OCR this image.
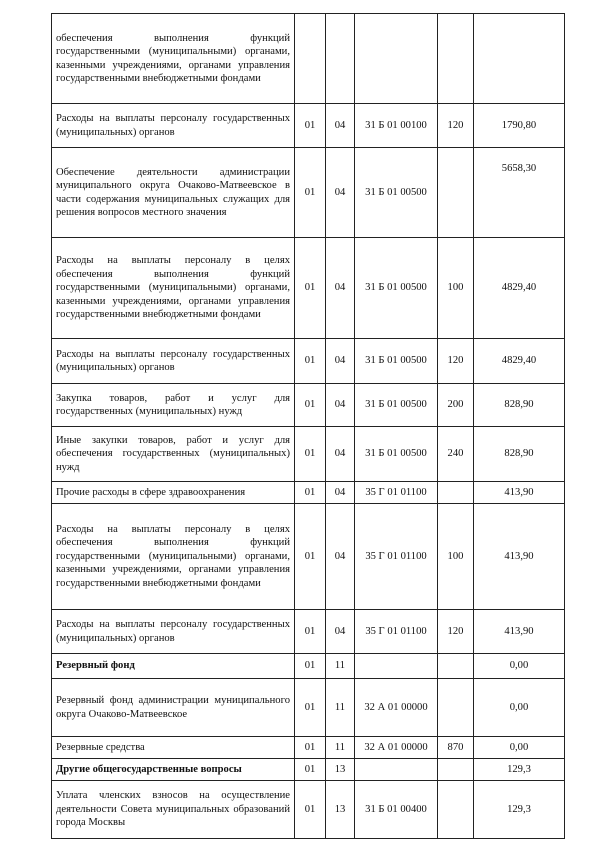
обеспечения выполнения функций государственными (муниципальными) органами, казенными учреждениями, органами управления государственными внебюджетными фондами					
Расходы на выплаты персоналу государственных (муниципальных) органов	01	04	31 Б 01 00100	120	1790,80
Обеспечение деятельности администрации муниципального округа Очаково-Матвеевское в части содержания муниципальных служащих для решения вопросов местного значения	01	04	31 Б 01 00500		5658,30
Расходы на выплаты персоналу в целях обеспечения выполнения функций государственными (муниципальными) органами, казенными учреждениями, органами управления государственными внебюджетными фондами	01	04	31 Б 01 00500	100	4829,40
Расходы на выплаты персоналу государственных (муниципальных) органов	01	04	31 Б 01 00500	120	4829,40
Закупка товаров, работ и услуг для государственных (муниципальных) нужд	01	04	31 Б 01 00500	200	828,90
Иные закупки товаров, работ и услуг для обеспечения государственных (муниципальных) нужд	01	04	31 Б 01 00500	240	828,90
Прочие расходы в сфере здравоохранения	01	04	35 Г 01 01100		413,90
Расходы на выплаты персоналу в целях обеспечения выполнения функций государственными (муниципальными) органами, казенными учреждениями, органами управления государственными внебюджетными фондами	01	04	35 Г 01 01100	100	413,90
Расходы на выплаты персоналу государственных (муниципальных) органов	01	04	35 Г 01 01100	120	413,90
Резервный фонд	01	11			0,00
Резервный фонд администрации муниципального округа Очаково-Матвеевское	01	11	32 А 01 00000		0,00
Резервные средства	01	11	32 А 01 00000	870	0,00
Другие общегосударственные вопросы	01	13			129,3
Уплата членских взносов на осуществление деятельности Совета муниципальных образований города Москвы	01	13	31 Б 01 00400		129,3
